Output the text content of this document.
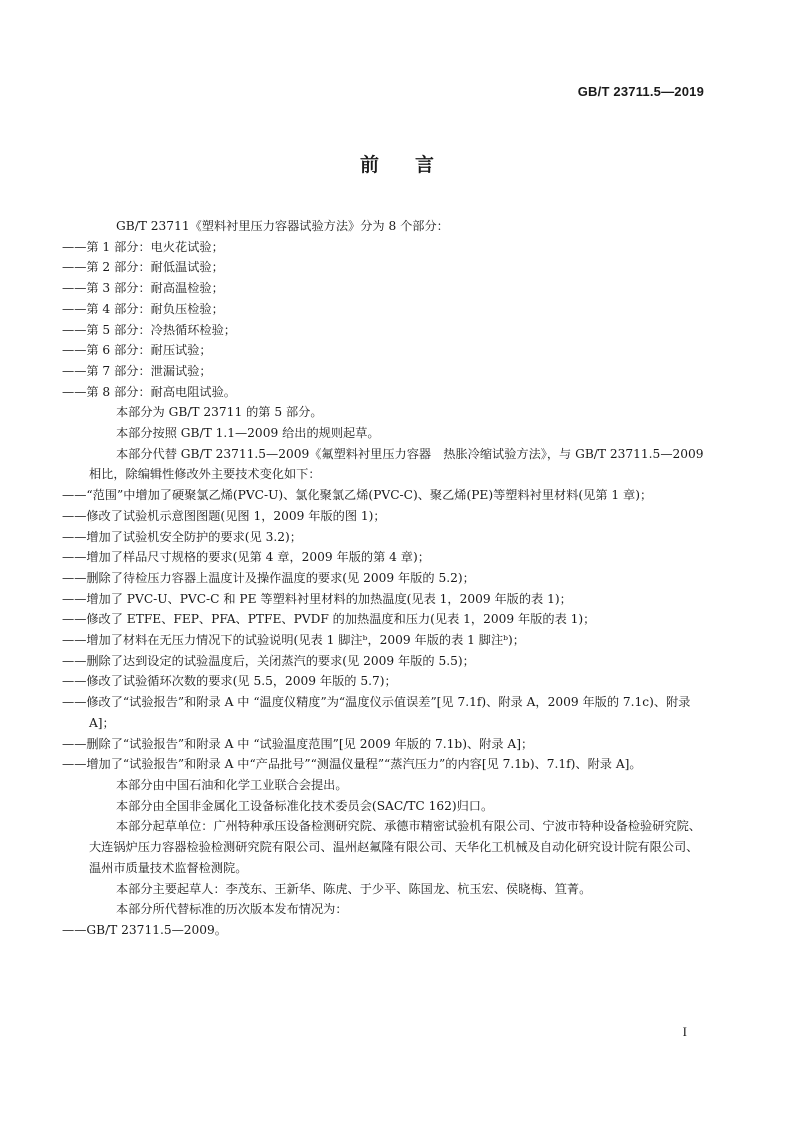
GB/T 23711.5—2019
前言

GB/T 23711《塑料衬里压力容器试验方法》分为 8 个部分：

——第 1 部分：电火花试验；

——第 2 部分：耐低温试验；

——第 3 部分：耐高温检验；

——第 4 部分：耐负压检验；

——第 5 部分：冷热循环检验；

——第 6 部分：耐压试验；

——第 7 部分：泄漏试验；

——第 8 部分：耐高电阻试验。

本部分为 GB/T 23711 的第 5 部分。

本部分按照 GB/T 1.1—2009 给出的规则起草。

本部分代替 GB/T 23711.5—2009《氟塑料衬里压力容器　热胀冷缩试验方法》，与 GB/T 23711.5—2009 相比，除编辑性修改外主要技术变化如下：

——“范围”中增加了硬聚氯乙烯(PVC-U)、氯化聚氯乙烯(PVC-C)、聚乙烯(PE)等塑料衬里材料(见第 1 章)；

——修改了试验机示意图图题(见图 1，2009 年版的图 1)；

——增加了试验机安全防护的要求(见 3.2)；

——增加了样品尺寸规格的要求(见第 4 章，2009 年版的第 4 章)；

——删除了待检压力容器上温度计及操作温度的要求(见 2009 年版的 5.2)；

——增加了 PVC-U、PVC-C 和 PE 等塑料衬里材料的加热温度(见表 1，2009 年版的表 1)；

——修改了 ETFE、FEP、PFA、PTFE、PVDF 的加热温度和压力(见表 1，2009 年版的表 1)；

——增加了材料在无压力情况下的试验说明(见表 1 脚注ᵇ，2009 年版的表 1 脚注ᵇ)；

——删除了达到设定的试验温度后，关闭蒸汽的要求(见 2009 年版的 5.5)；

——修改了试验循环次数的要求(见 5.5，2009 年版的 5.7)；

——修改了“试验报告”和附录 A 中 “温度仪精度”为“温度仪示值误差”[见 7.1f)、附录 A，2009 年版的 7.1c)、附录 A]；

——删除了“试验报告”和附录 A 中 “试验温度范围”[见 2009 年版的 7.1b)、附录 A]；

——增加了“试验报告”和附录 A 中“产品批号”“测温仪量程”“蒸汽压力”的内容[见 7.1b)、7.1f)、附录 A]。

本部分由中国石油和化学工业联合会提出。

本部分由全国非金属化工设备标准化技术委员会(SAC/TC 162)归口。

本部分起草单位：广州特种承压设备检测研究院、承德市精密试验机有限公司、宁波市特种设备检验研究院、大连锅炉压力容器检验检测研究院有限公司、温州赵氟隆有限公司、天华化工机械及自动化研究设计院有限公司、温州市质量技术监督检测院。

本部分主要起草人：李茂东、王新华、陈虎、于少平、陈国龙、杭玉宏、侯晓梅、笪菁。

本部分所代替标准的历次版本发布情况为：

——GB/T 23711.5—2009。

I
